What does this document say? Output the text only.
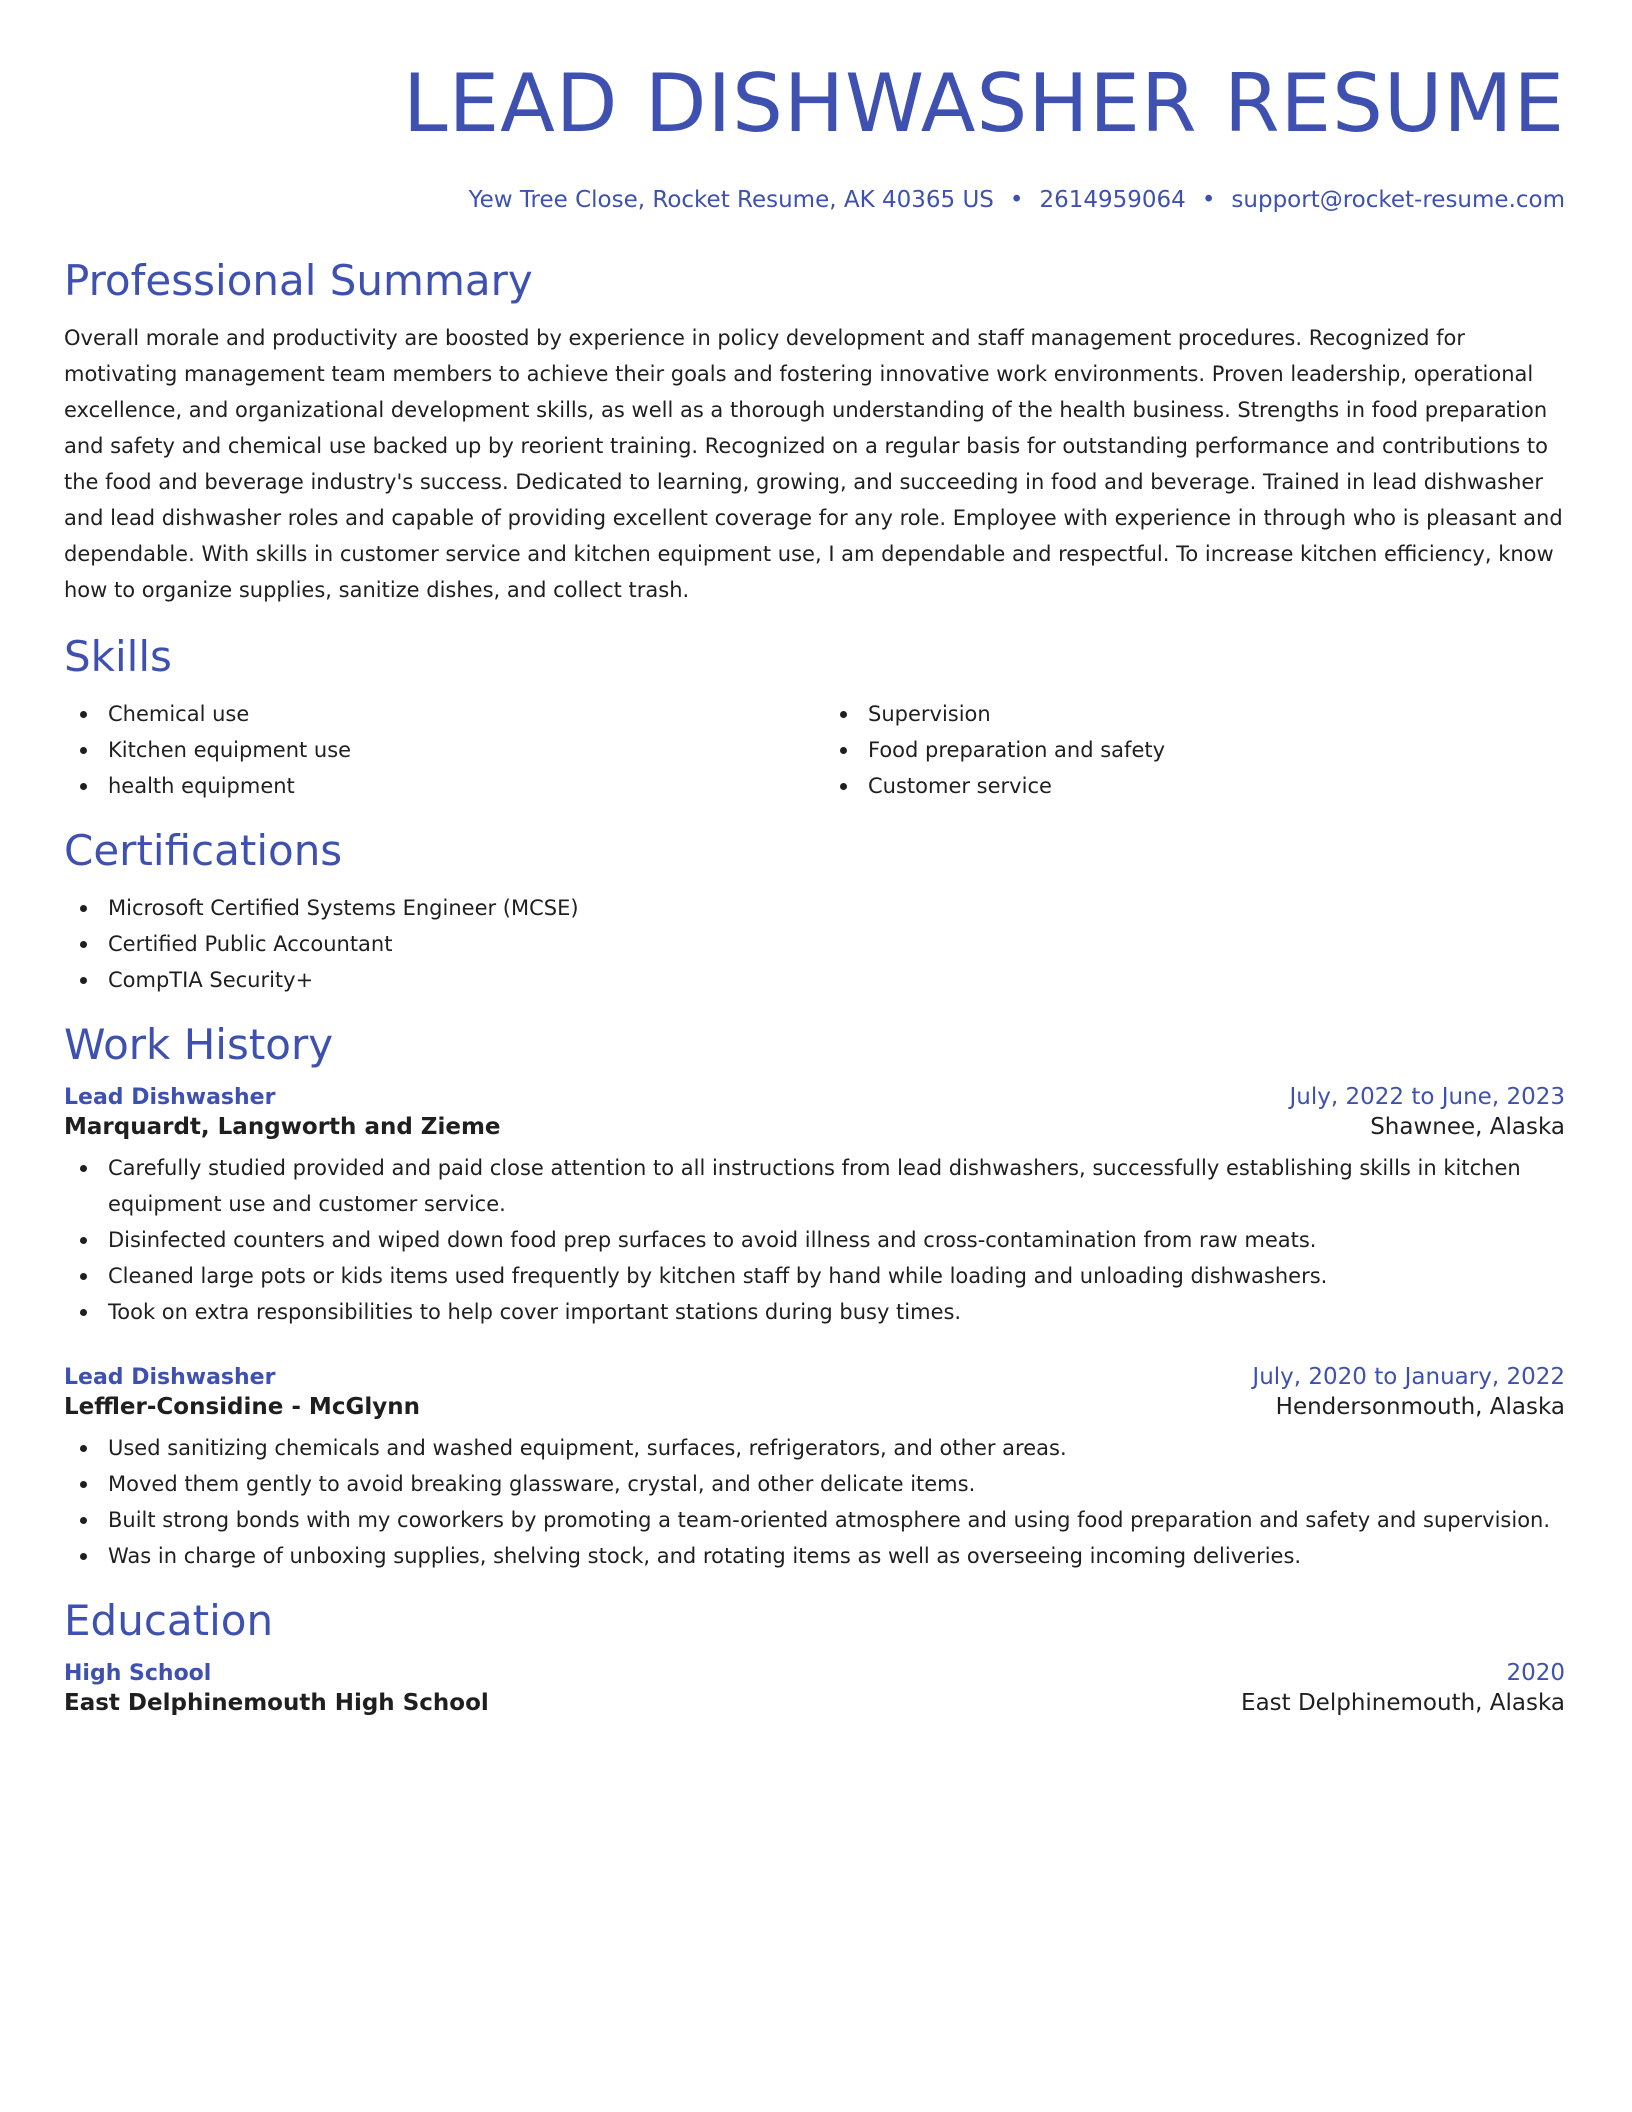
LEAD DISHWASHER RESUME
Yew Tree Close, Rocket Resume, AK 40365 US • 2614959064 • support@rocket-resume.com
Professional Summary

Overall morale and productivity are boosted by experience in policy development and staff management procedures. Recognized for motivating management team members to achieve their goals and fostering innovative work environments. Proven leadership, operational excellence, and organizational development skills, as well as a thorough understanding of the health business. Strengths in food preparation and safety and chemical use backed up by reorient training. Recognized on a regular basis for outstanding performance and contributions to the food and beverage industry's success. Dedicated to learning, growing, and succeeding in food and beverage. Trained in lead dishwasher and lead dishwasher roles and capable of providing excellent coverage for any role. Employee with experience in through who is pleasant and dependable. With skills in customer service and kitchen equipment use, I am dependable and respectful. To increase kitchen efficiency, know how to organize supplies, sanitize dishes, and collect trash.

Skills
Chemical use
Kitchen equipment use
health equipment
Supervision
Food preparation and safety
Customer service
Certifications
Microsoft Certified Systems Engineer (MCSE)
Certified Public Accountant
CompTIA Security+
Work History
Lead Dishwasher	July, 2022 to June, 2023
Marquardt, Langworth and Zieme	Shawnee, Alaska
Carefully studied provided and paid close attention to all instructions from lead dishwashers, successfully establishing skills in kitchen equipment use and customer service.
Disinfected counters and wiped down food prep surfaces to avoid illness and cross-contamination from raw meats.
Cleaned large pots or kids items used frequently by kitchen staff by hand while loading and unloading dishwashers.
Took on extra responsibilities to help cover important stations during busy times.
Lead Dishwasher	July, 2020 to January, 2022
Leffler-Considine - McGlynn	Hendersonmouth, Alaska
Used sanitizing chemicals and washed equipment, surfaces, refrigerators, and other areas.
Moved them gently to avoid breaking glassware, crystal, and other delicate items.
Built strong bonds with my coworkers by promoting a team-oriented atmosphere and using food preparation and safety and supervision.
Was in charge of unboxing supplies, shelving stock, and rotating items as well as overseeing incoming deliveries.
Education
High School	2020
East Delphinemouth High School	East Delphinemouth, Alaska
